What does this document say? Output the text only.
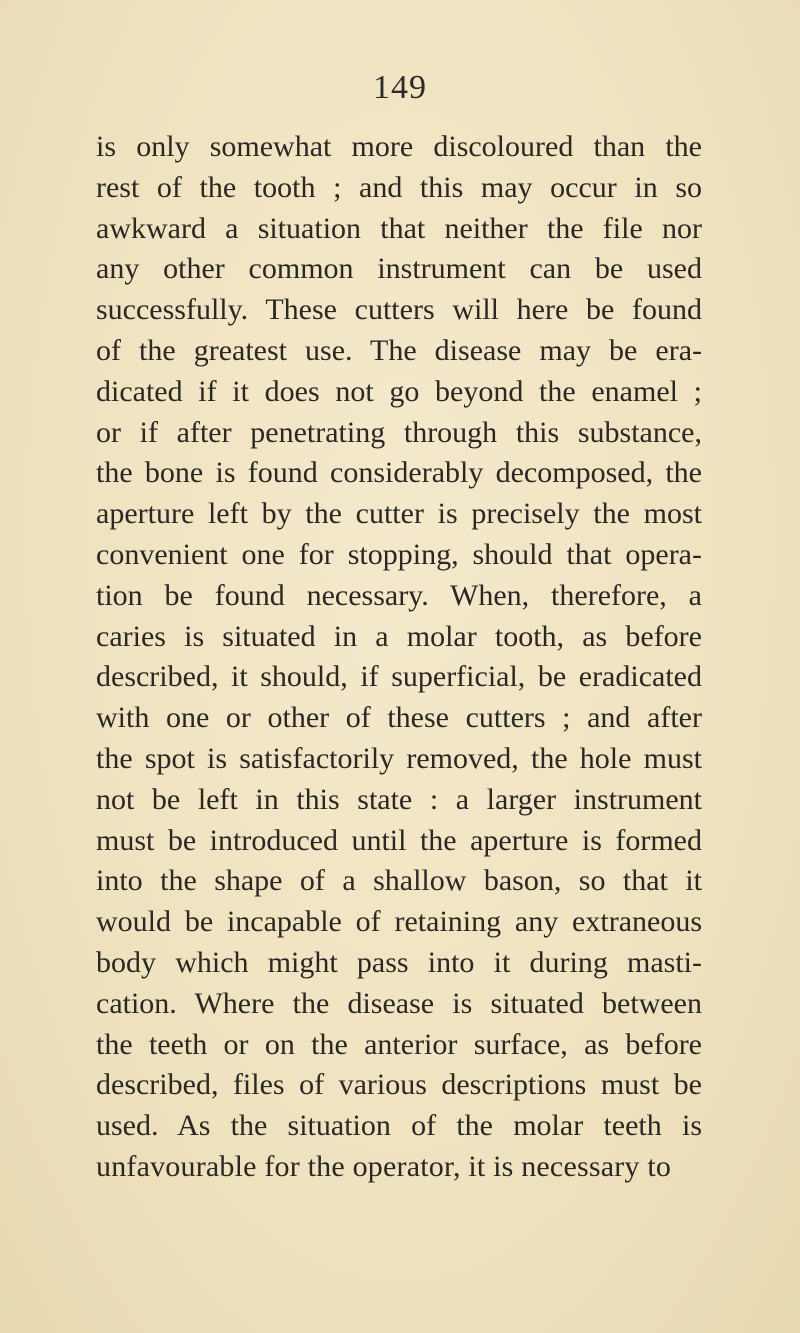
149
is only somewhat more discoloured than the
rest of the tooth ; and this may occur in so
awkward a situation that neither the file nor
any other common instrument can be used
successfully. These cutters will here be found
of the greatest use. The disease may be era-
dicated if it does not go beyond the enamel ;
or if after penetrating through this substance,
the bone is found considerably decomposed, the
aperture left by the cutter is precisely the most
convenient one for stopping, should that opera-
tion be found necessary. When, therefore, a
caries is situated in a molar tooth, as before
described, it should, if superficial, be eradicated
with one or other of these cutters ; and after
the spot is satisfactorily removed, the hole must
not be left in this state : a larger instrument
must be introduced until the aperture is formed
into the shape of a shallow bason, so that it
would be incapable of retaining any extraneous
body which might pass into it during masti-
cation. Where the disease is situated between
the teeth or on the anterior surface, as before
described, files of various descriptions must be
used. As the situation of the molar teeth is
unfavourable for the operator, it is necessary to
